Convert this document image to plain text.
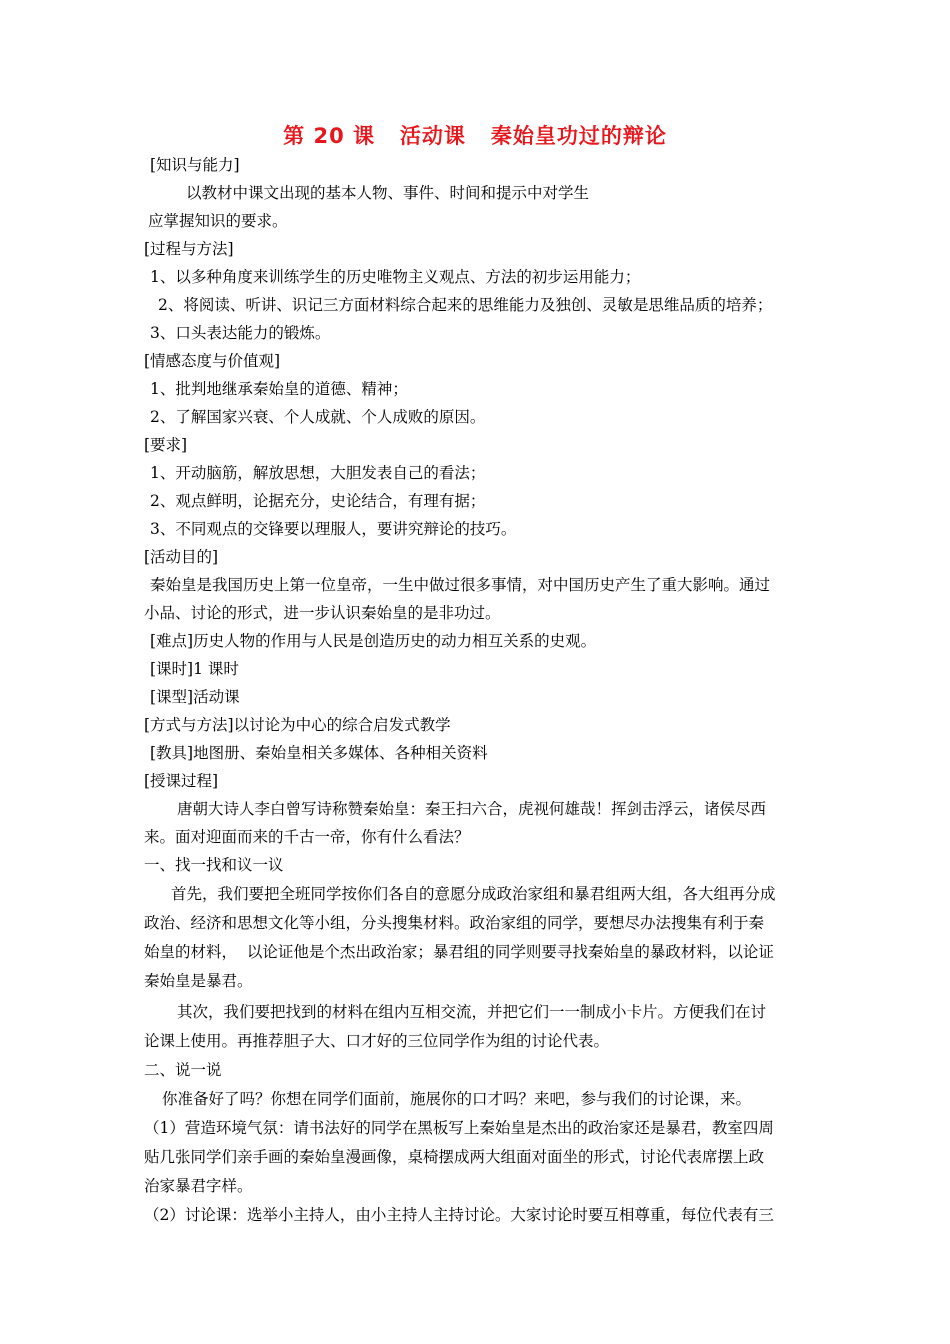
第 20 课   活动课   秦始皇功过的辩论
[知识与能力]
以教材中课文出现的基本人物、事件、时间和提示中对学生
应掌握知识的要求。
[过程与方法]
1、以多种角度来训练学生的历史唯物主义观点、方法的初步运用能力；
2、将阅读、听讲、识记三方面材料综合起来的思维能力及独创、灵敏是思维品质的培养；
3、口头表达能力的锻炼。
[情感态度与价值观]
1、批判地继承秦始皇的道德、精神；
2、了解国家兴衰、个人成就、个人成败的原因。
[要求]
1、开动脑筋，解放思想，大胆发表自己的看法；
2、观点鲜明，论据充分，史论结合，有理有据；
3、不同观点的交锋要以理服人，要讲究辩论的技巧。
[活动目的]
秦始皇是我国历史上第一位皇帝，一生中做过很多事情，对中国历史产生了重大影响。通过
小品、讨论的形式，进一步认识秦始皇的是非功过。
[难点]历史人物的作用与人民是创造历史的动力相互关系的史观。
[课时]1 课时
[课型]活动课
[方式与方法]以讨论为中心的综合启发式教学
[教具]地图册、秦始皇相关多媒体、各种相关资料
[授课过程]
唐朝大诗人李白曾写诗称赞秦始皇：秦王扫六合，虎视何雄哉！挥剑击浮云，诸侯尽西
来。面对迎面而来的千古一帝，你有什么看法？
一、找一找和议一议
首先，我们要把全班同学按你们各自的意愿分成政治家组和暴君组两大组，各大组再分成
政治、经济和思想文化等小组，分头搜集材料。政治家组的同学，要想尽办法搜集有利于秦
始皇的材料，  以论证他是个杰出政治家；暴君组的同学则要寻找秦始皇的暴政材料，以论证
秦始皇是暴君。
其次，我们要把找到的材料在组内互相交流，并把它们一一制成小卡片。方便我们在讨
论课上使用。再推荐胆子大、口才好的三位同学作为组的讨论代表。
二、说一说
你准备好了吗？你想在同学们面前，施展你的口才吗？来吧，参与我们的讨论课，来。
（1）营造环境气氛：请书法好的同学在黑板写上秦始皇是杰出的政治家还是暴君，教室四周
贴几张同学们亲手画的秦始皇漫画像，桌椅摆成两大组面对面坐的形式，讨论代表席摆上政
治家暴君字样。
（2）讨论课：选举小主持人，由小主持人主持讨论。大家讨论时要互相尊重，每位代表有三
